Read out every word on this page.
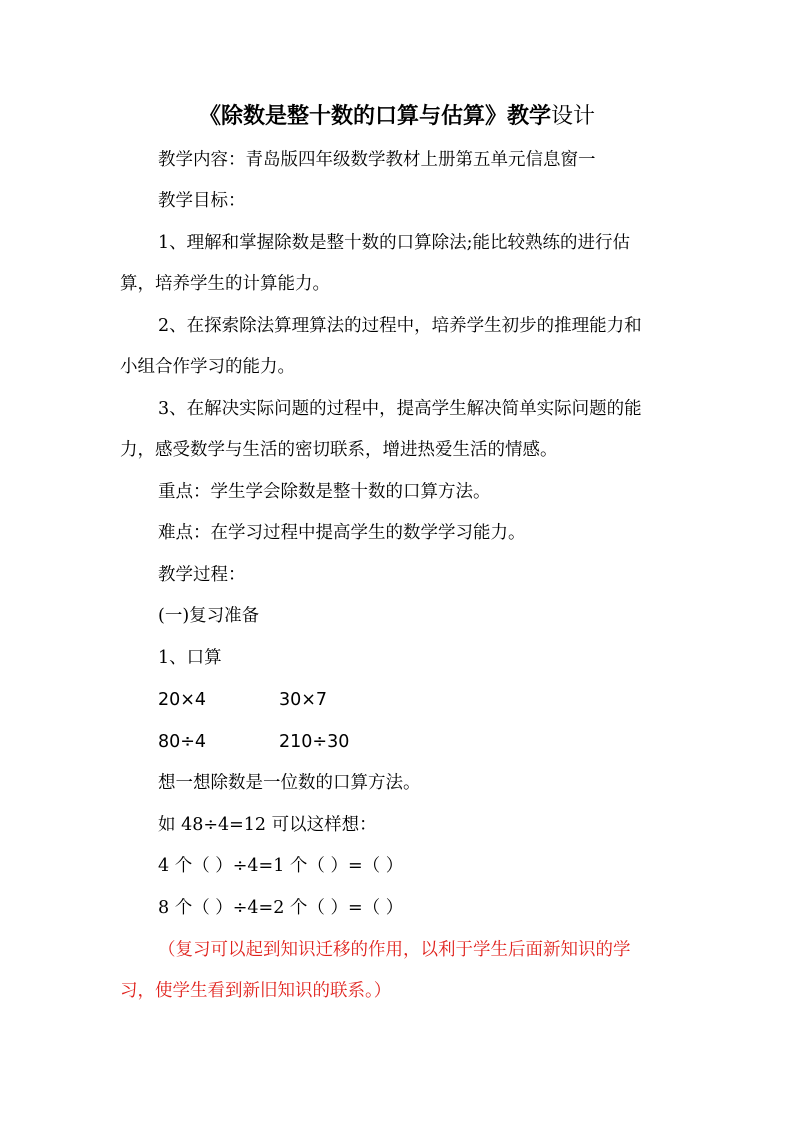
《除数是整十数的口算与估算》教学设计
教学内容：青岛版四年级数学教材上册第五单元信息窗一
教学目标：
1、理解和掌握除数是整十数的口算除法;能比较熟练的进行估
算，培养学生的计算能力。
2、在探索除法算理算法的过程中，培养学生初步的推理能力和
小组合作学习的能力。
3、在解决实际问题的过程中，提高学生解决简单实际问题的能
力，感受数学与生活的密切联系，增进热爱生活的情感。
重点：学生学会除数是整十数的口算方法。
难点：在学习过程中提高学生的数学学习能力。
教学过程：
(一)复习准备
1、口算
20×4	30×7
80÷4	210÷30
想一想除数是一位数的口算方法。
如 48÷4=12 可以这样想：
4 个（ ）÷4=1 个（ ）=（ ）
8 个（ ）÷4=2 个（ ）=（ ）
（复习可以起到知识迁移的作用，以利于学生后面新知识的学
习，使学生看到新旧知识的联系。）
